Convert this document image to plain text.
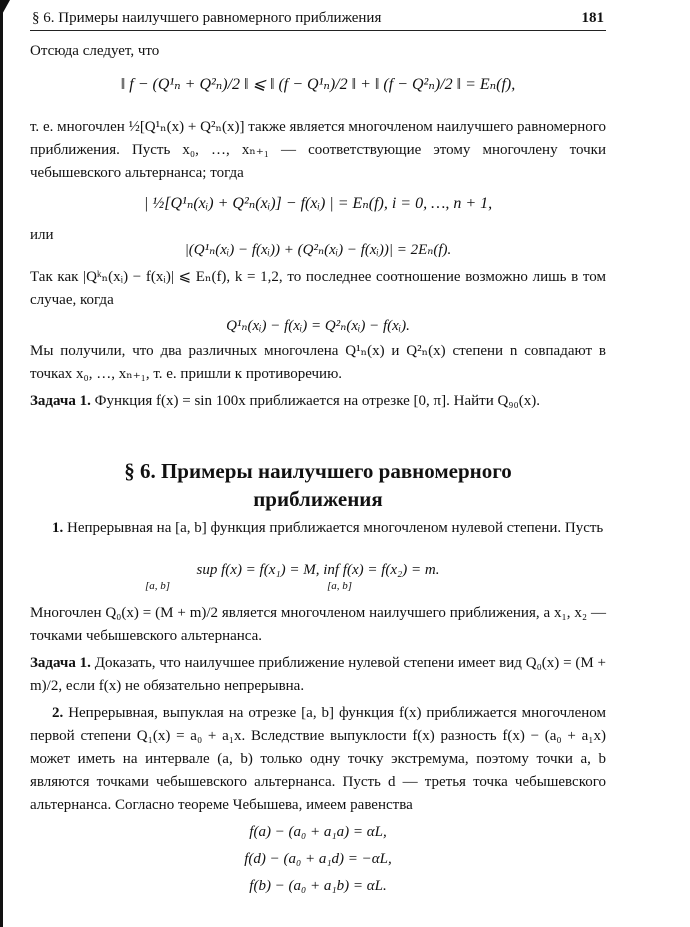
§ 6. Примеры наилучшего равномерного приближения	181
Отсюда следует, что
‖ f − (Q¹ₙ + Q²ₙ)/2 ‖ ⩽ ‖ (f − Q¹ₙ)/2 ‖ + ‖ (f − Q²ₙ)/2 ‖ = Eₙ(f),
т. е. многочлен ½[Q¹ₙ(x) + Q²ₙ(x)] также является многочленом наилучшего равномерного приближения. Пусть x₀, …, xₙ₊₁ — соответствующие этому многочлену точки чебышевского альтернанса; тогда
| ½[Q¹ₙ(xᵢ) + Q²ₙ(xᵢ)] − f(xᵢ) | = Eₙ(f), i = 0, …, n + 1,
или
|(Q¹ₙ(xᵢ) − f(xᵢ)) + (Q²ₙ(xᵢ) − f(xᵢ))| = 2Eₙ(f).
Так как |Qᵏₙ(xᵢ) − f(xᵢ)| ⩽ Eₙ(f), k = 1,2, то последнее соотношение возможно лишь в том случае, когда
Q¹ₙ(xᵢ) − f(xᵢ) = Q²ₙ(xᵢ) − f(xᵢ).
Мы получили, что два различных многочлена Q¹ₙ(x) и Q²ₙ(x) степени n совпадают в точках x₀, …, xₙ₊₁, т. е. пришли к противоречию.
Задача 1. Функция f(x) = sin 100x приближается на отрезке [0, π]. Найти Q₉₀(x).
§ 6. Примеры наилучшего равномерного
приближения
1. Непрерывная на [a, b] функция приближается многочленом нулевой степени. Пусть
sup f(x) = f(x₁) = M, inf f(x) = f(x₂) = m.
[a, b]	[a, b]
Многочлен Q₀(x) = (M + m)/2 является многочленом наилучшего приближения, а x₁, x₂ — точками чебышевского альтернанса.
Задача 1. Доказать, что наилучшее приближение нулевой степени имеет вид Q₀(x) = (M + m)/2, если f(x) не обязательно непрерывна.
2. Непрерывная, выпуклая на отрезке [a, b] функция f(x) приближается многочленом первой степени Q₁(x) = a₀ + a₁x. Вследствие выпуклости f(x) разность f(x) − (a₀ + a₁x) может иметь на интервале (a, b) только одну точку экстремума, поэтому точки a, b являются точками чебышевского альтернанса. Пусть d — третья точка чебышевского альтернанса. Согласно теореме Чебышева, имеем равенства
f(a) − (a₀ + a₁a) = αL,
f(d) − (a₀ + a₁d) = −αL,
f(b) − (a₀ + a₁b) = αL.
